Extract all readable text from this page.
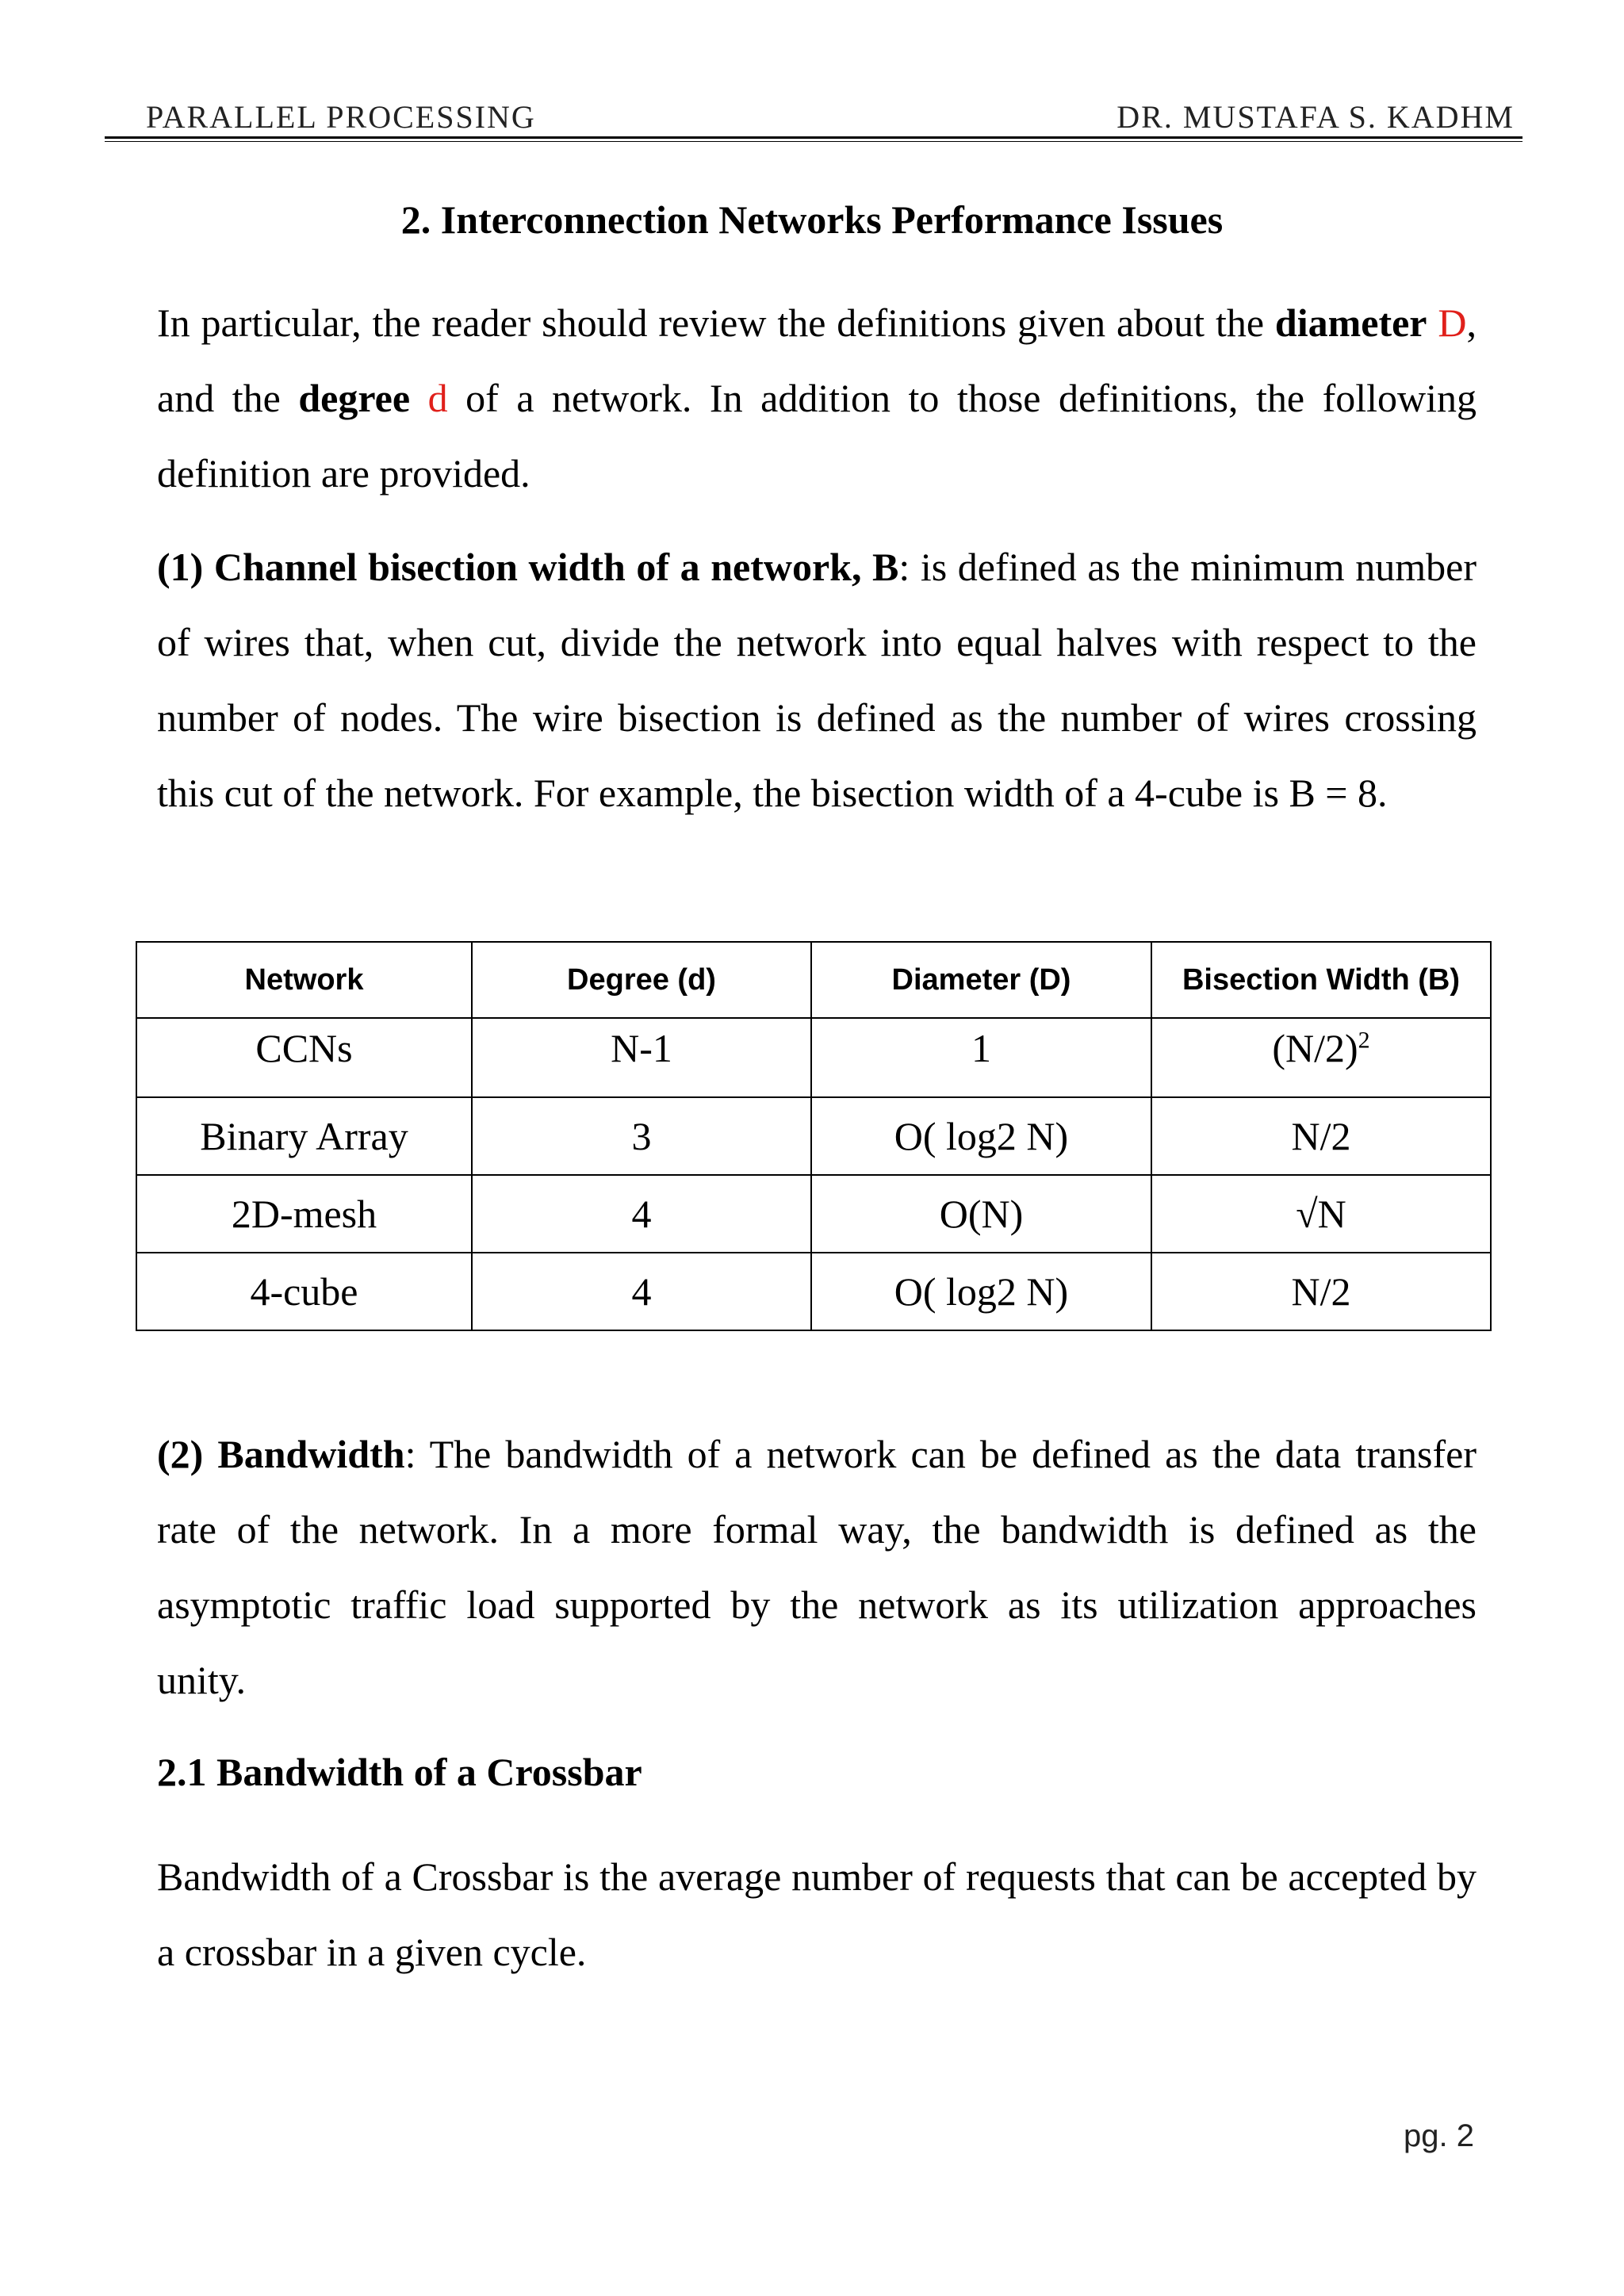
PARALLEL PROCESSING	DR. MUSTAFA S. KADHM
2. Interconnection Networks Performance Issues
In particular, the reader should review the definitions given about the diameter D, and the degree d of a network. In addition to those definitions, the following definition are provided.
(1) Channel bisection width of a network, B: is defined as the minimum number of wires that, when cut, divide the network into equal halves with respect to the number of nodes. The wire bisection is defined as the number of wires crossing this cut of the network. For example, the bisection width of a 4-cube is B = 8.
Network	Degree (d)	Diameter (D)	Bisection Width (B)
CCNs	N-1	1	$(N/2)^2$
Binary Array	3	O( log2 N)	N/2
2D-mesh	4	O(N)	√N
4-cube	4	O( log2 N)	N/2
(2) Bandwidth: The bandwidth of a network can be defined as the data transfer rate of the network. In a more formal way, the bandwidth is defined as the asymptotic traffic load supported by the network as its utilization approaches unity.
2.1 Bandwidth of a Crossbar
Bandwidth of a Crossbar is the average number of requests that can be accepted by a crossbar in a given cycle.
pg. 2
